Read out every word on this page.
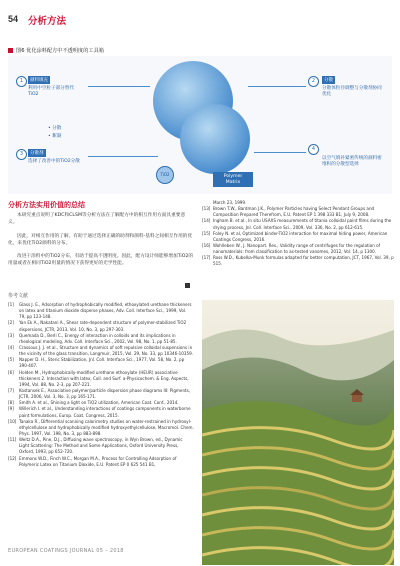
54 分析方法
图6 优化涂料配方中不透明度的工具箱
1	颜料填充
利用中空粒子部分替代TiO2
2	分散
分散体粒径调整与分散剂协同优化
• 分散
• 絮凝
3	分散剂
选择了改善中的TiO2分散
TiO2	Polymer Matrix
4
以空气填补紧密传统的颜料密堆积的分散型选择
分析方法实用价值的总结
本研究重点说明了KDC和CLSM等分析方法在了解配方中的相互作用方面具重要意义。
因此，对相互作用的了解，有助于通过选择正确的助剂和颜料-基料之间相互作用的优化，来优化TiO2颜料的分布。
改进干涂料中的TiO2分布，有助于提高不透明度。因此，配方设计师能够增加TiO2的用量或者在相同TiO2用量的情况下获得更好的光学性能。
参考文献
[1]	Glass J. E., Adsorption of hydrophobically modified, ethoxylated urethane thickeners on latex and titanium dioxide disperse phases, Adv. Coll. Interface Sci., 1999, Vol. 79, pp 123-148.
[2]	Yan Ek A., Nakatani A., Shear rate-dependent structure of polymer-stabilized TiO2 dispersions, JCTR, 2013, Vol. 10, No. 3, pp 297-303.
[3]	Quemada D., Berli C., Energy of interaction in colloids and its implications in rheological modeling, Adv. Coll. Interface Sci., 2002, Vol. 98, No. 1, pp 51-85.
[4]	Crassous J. J. et al., Structure and dynamics of soft repulsive colloidal suspensions in the vicinity of the glass transition, Langmuir, 2015, Vol. 29, No. 33, pp 10346-10359.
[5]	Napper D. H., Steric Stabilization, Jnl. Coll. Interface Sci., 1977, Vol. 58, No. 2, pp 390-407.
[6]	Holden M., Hydrophobically-modified urethane ethoxylate (HEUR) associative thickeners 2. Interaction with latex, Coll. and Surf. a-Physicochem. & Eng. Aspects, 1994, Vol. 88, No. 2-3, pp 207-221.
[7]	Kostansek E., Associative polymer/particle dispersion phase diagrams III: Pigments, JCTR, 2006, Vol. 3, No. 3, pp 165-171.
[8]	Smith A. et al., Shining a light on TiO2 utilization, American Coat. Conf., 2014.
[9]	Willerich I. et al., Understanding interactions of coatings components in waterborne paint formulations, Europ. Coat. Congress, 2015.
[10] Tanaka R., Differential scanning calorimetry studies on water-restrained in hydroxyl-ethylcellulose and hydrophobically modified hydroxyethylcellulose, Macromol. Chem. Phys. 1997, Vol. 198, No. 3, pp 883-898.
[11] Weitz D.A., Pine, D.J., Diffusing wave spectroscopy, in Wyn Brown, ed., Dynamic Light Scattering: The Method and Some Applications, Oxford University Press, Oxford, 1993, pp 652-720.
[12] Emmons W.D., Finch W.C., Morgan M.A., Process for Controlling Adsorption of Polymeric Latex on Titanium Dioxide, E.U. Patent EP 0 625 541 B1,
March 23, 1999.
[13] Brown T.W., Bardman J.K., Polymer Particles having Select Pendant Groups and Composition Prepared Therefrom, E.U. Patent EP 1 398 333 B1, July 9, 2008.
[14] Ingham B. et al., In situ USAXS measurements of titania colloidal paint films during the drying process, Jnl. Coll. Interface Sci., 2009, Vol. 336, No. 2, pp 612-615.
[15] Foley N. et al, Optimized binder-TiO2 interaction for maximal hiding power, American Coatings Congress, 2016.
[16] Wohlleben W., J. Nanopart. Res., Validity range of centrifuges for the regulation of nanomaterials: from classification to as-tested vanomes, 2012, Vol. 14, p 1300.
[17] Ross W.D., Kubelka-Munk formulas adapted for better computation, JCT, 1967, Vol. 39, p 515.
EUROPEAN COATINGS JOURNAL 05 – 2018
